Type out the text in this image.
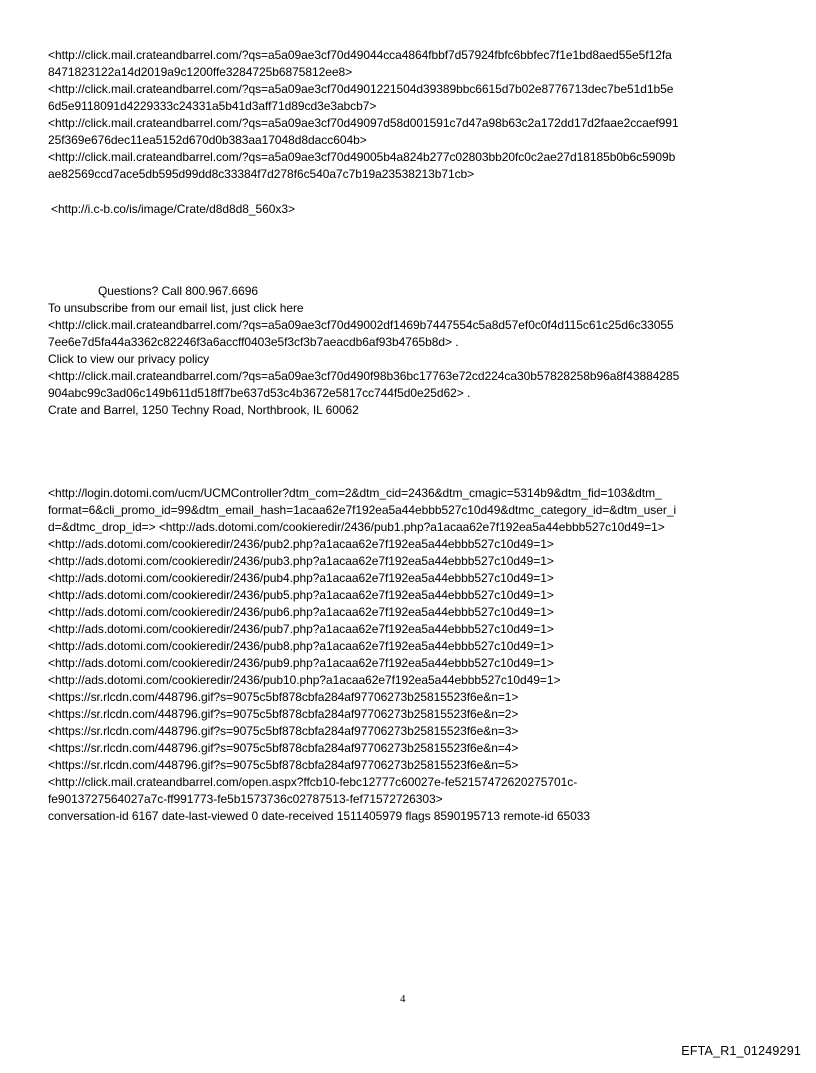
<http://click.mail.crateandbarrel.com/?qs=a5a09ae3cf70d49044cca4864fbbf7d57924fbfc6bbfec7f1e1bd8aed55e5f12fa
8471823122a14d2019a9c1200ffe3284725b6875812ee8>
<http://click.mail.crateandbarrel.com/?qs=a5a09ae3cf70d4901221504d39389bbc6615d7b02e8776713dec7be51d1b5e
6d5e9118091d4229333c24331a5b41d3aff71d89cd3e3abcb7>
<http://click.mail.crateandbarrel.com/?qs=a5a09ae3cf70d49097d58d001591c7d47a98b63c2a172dd17d2faae2ccaef991
25f369e676dec11ea5152d670d0b383aa17048d8dacc604b>
<http://click.mail.crateandbarrel.com/?qs=a5a09ae3cf70d49005b4a824b277c02803bb20fc0c2ae27d18185b0b6c5909b
ae82569ccd7ace5db595d99dd8c33384f7d278f6c540a7c7b19a23538213b71cb>
<http://i.c-b.co/is/image/Crate/d8d8d8_560x3>
Questions? Call 800.967.6696
To unsubscribe from our email list, just click here
<http://click.mail.crateandbarrel.com/?qs=a5a09ae3cf70d49002df1469b7447554c5a8d57ef0c0f4d115c61c25d6c33055
7ee6e7d5fa44a3362c82246f3a6accff0403e5f3cf3b7aeacdb6af93b4765b8d> .
Click to view our privacy policy
<http://click.mail.crateandbarrel.com/?qs=a5a09ae3cf70d490f98b36bc17763e72cd224ca30b57828258b96a8f43884285
904abc99c3ad06c149b611d518ff7be637d53c4b3672e5817cc744f5d0e25d62> .
Crate and Barrel, 1250 Techny Road, Northbrook, IL 60062
<http://login.dotomi.com/ucm/UCMController?dtm_com=2&dtm_cid=2436&dtm_cmagic=5314b9&dtm_fid=103&dtm_
format=6&cli_promo_id=99&dtm_email_hash=1acaa62e7f192ea5a44ebbb527c10d49&dtmc_category_id=&dtm_user_i
d=&dtmc_drop_id=> <http://ads.dotomi.com/cookieredir/2436/pub1.php?a1acaa62e7f192ea5a44ebbb527c10d49=1>
<http://ads.dotomi.com/cookieredir/2436/pub2.php?a1acaa62e7f192ea5a44ebbb527c10d49=1>
<http://ads.dotomi.com/cookieredir/2436/pub3.php?a1acaa62e7f192ea5a44ebbb527c10d49=1>
<http://ads.dotomi.com/cookieredir/2436/pub4.php?a1acaa62e7f192ea5a44ebbb527c10d49=1>
<http://ads.dotomi.com/cookieredir/2436/pub5.php?a1acaa62e7f192ea5a44ebbb527c10d49=1>
<http://ads.dotomi.com/cookieredir/2436/pub6.php?a1acaa62e7f192ea5a44ebbb527c10d49=1>
<http://ads.dotomi.com/cookieredir/2436/pub7.php?a1acaa62e7f192ea5a44ebbb527c10d49=1>
<http://ads.dotomi.com/cookieredir/2436/pub8.php?a1acaa62e7f192ea5a44ebbb527c10d49=1>
<http://ads.dotomi.com/cookieredir/2436/pub9.php?a1acaa62e7f192ea5a44ebbb527c10d49=1>
<http://ads.dotomi.com/cookieredir/2436/pub10.php?a1acaa62e7f192ea5a44ebbb527c10d49=1>
<https://sr.rlcdn.com/448796.gif?s=9075c5bf878cbfa284af97706273b25815523f6e&n=1>
<https://sr.rlcdn.com/448796.gif?s=9075c5bf878cbfa284af97706273b25815523f6e&n=2>
<https://sr.rlcdn.com/448796.gif?s=9075c5bf878cbfa284af97706273b25815523f6e&n=3>
<https://sr.rlcdn.com/448796.gif?s=9075c5bf878cbfa284af97706273b25815523f6e&n=4>
<https://sr.rlcdn.com/448796.gif?s=9075c5bf878cbfa284af97706273b25815523f6e&n=5>
<http://click.mail.crateandbarrel.com/open.aspx?ffcb10-febc12777c60027e-fe52157472620275701c-
fe9013727564027a7c-ff991773-fe5b1573736c02787513-fef71572726303>
conversation-id 6167 date-last-viewed 0 date-received 1511405979 flags 8590195713 remote-id 65033
4
EFTA_R1_01249291
